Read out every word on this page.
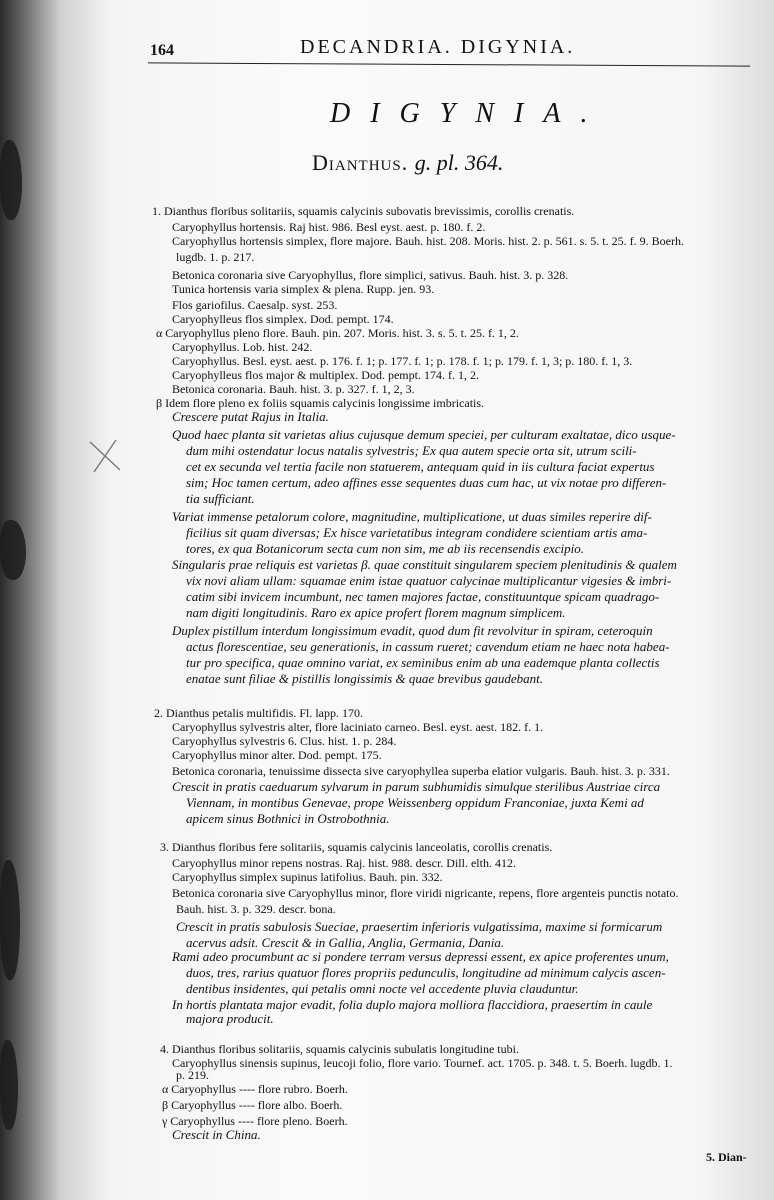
164	DECANDRIA. DIGYNIA.
DIGYNIA.
Dianthus. g. pl. 364.
1. Dianthus floribus solitariis, squamis calycinis subovatis brevissimis, corollis crenatis.
Caryophyllus hortensis. Raj hist. 986. Besl eyst. aest. p. 180. f. 2.
Caryophyllus hortensis simplex, flore majore. Bauh. hist. 208. Moris. hist. 2. p. 561. s. 5. t. 25. f. 9. Boerh.
lugdb. 1. p. 217.
Betonica coronaria sive Caryophyllus, flore simplici, sativus. Bauh. hist. 3. p. 328.
Tunica hortensis varia simplex & plena. Rupp. jen. 93.
Flos gariofilus. Caesalp. syst. 253.
Caryophylleus flos simplex. Dod. pempt. 174.
α Caryophyllus pleno flore. Bauh. pin. 207. Moris. hist. 3. s. 5. t. 25. f. 1, 2.
Caryophyllus. Lob. hist. 242.
Caryophyllus. Besl. eyst. aest. p. 176. f. 1; p. 177. f. 1; p. 178. f. 1; p. 179. f. 1, 3; p. 180. f. 1, 3.
Caryophylleus flos major & multiplex. Dod. pempt. 174. f. 1, 2.
Betonica coronaria. Bauh. hist. 3. p. 327. f. 1, 2, 3.
β Idem flore pleno ex foliis squamis calycinis longissime imbricatis.
Crescere putat Rajus in Italia.
Quod haec planta sit varietas alius cujusque demum speciei, per culturam exaltatae, dico usque-
dum mihi ostendatur locus natalis sylvestris; Ex qua autem specie orta sit, utrum scili-
cet ex secunda vel tertia facile non statuerem, antequam quid in iis cultura faciat expertus
sim; Hoc tamen certum, adeo affines esse sequentes duas cum hac, ut vix notae pro differen-
tia sufficiant.
Variat immense petalorum colore, magnitudine, multiplicatione, ut duas similes reperire dif-
ficilius sit quam diversas; Ex hisce varietatibus integram condidere scientiam artis ama-
tores, ex qua Botanicorum secta cum non sim, me ab iis recensendis excipio.
Singularis prae reliquis est varietas β. quae constituit singularem speciem plenitudinis & qualem
vix novi aliam ullam: squamae enim istae quatuor calycinae multiplicantur vigesies & imbri-
catim sibi invicem incumbunt, nec tamen majores factae, constituuntque spicam quadrago-
nam digiti longitudinis. Raro ex apice profert florem magnum simplicem.
Duplex pistillum interdum longissimum evadit, quod dum fit revolvitur in spiram, ceteroquin
actus florescentiae, seu generationis, in cassum rueret; cavendum etiam ne haec nota habea-
tur pro specifica, quae omnino variat, ex seminibus enim ab una eademque planta collectis
enatae sunt filiae & pistillis longissimis & quae brevibus gaudebant.
2. Dianthus petalis multifidis. Fl. lapp. 170.
Caryophyllus sylvestris alter, flore laciniato carneo. Besl. eyst. aest. 182. f. 1.
Caryophyllus sylvestris 6. Clus. hist. 1. p. 284.
Caryophyllus minor alter. Dod. pempt. 175.
Betonica coronaria, tenuissime dissecta sive caryophyllea superba elatior vulgaris. Bauh. hist. 3. p. 331.
Crescit in pratis caeduarum sylvarum in parum subhumidis simulque sterilibus Austriae circa
Viennam, in montibus Genevae, prope Weissenberg oppidum Franconiae, juxta Kemi ad
apicem sinus Bothnici in Ostrobothnia.
3. Dianthus floribus fere solitariis, squamis calycinis lanceolatis, corollis crenatis.
Caryophyllus minor repens nostras. Raj. hist. 988. descr. Dill. elth. 412.
Caryophyllus simplex supinus latifolius. Bauh. pin. 332.
Betonica coronaria sive Caryophyllus minor, flore viridi nigricante, repens, flore argenteis punctis notato.
Bauh. hist. 3. p. 329. descr. bona.
Crescit in pratis sabulosis Sueciae, praesertim inferioris vulgatissima, maxime si formicarum
acervus adsit. Crescit & in Gallia, Anglia, Germania, Dania.
Rami adeo procumbunt ac si pondere terram versus depressi essent, ex apice proferentes unum,
duos, tres, rarius quatuor flores propriis pedunculis, longitudine ad minimum calycis ascen-
dentibus insidentes, qui petalis omni nocte vel accedente pluvia clauduntur.
In hortis plantata major evadit, folia duplo majora molliora flaccidiora, praesertim in caule
majora producit.
4. Dianthus floribus solitariis, squamis calycinis subulatis longitudine tubi.
Caryophyllus sinensis supinus, leucoji folio, flore vario. Tournef. act. 1705. p. 348. t. 5. Boerh. lugdb. 1.
p. 219.
α Caryophyllus ---- flore rubro. Boerh.
β Caryophyllus ---- flore albo. Boerh.
γ Caryophyllus ---- flore pleno. Boerh.
Crescit in China.
5. Dian-
